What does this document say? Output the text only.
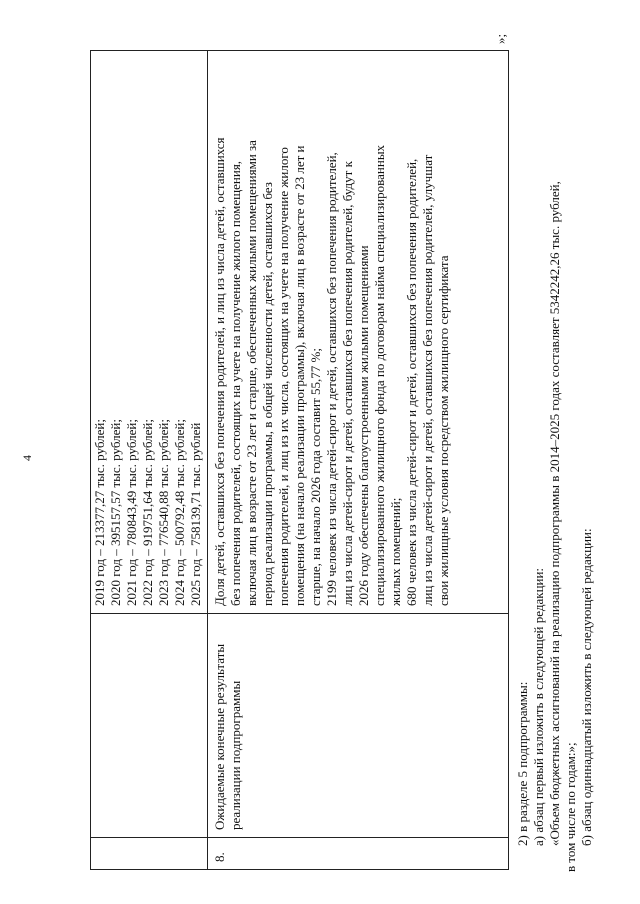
4	2019 год – 213377,27 тыс. рублей; 2020 год – 395157,57 тыс. рублей; 2021 год – 780843,49 тыс. рублей; 2022 год – 919751,64 тыс. рублей; 2023 год – 776540,88 тыс. рублей; 2024 год – 500792,48 тыс. рублей; 2025 год – 758139,71 тыс. рублей
8.
Ожидаемые конечные результаты реализации подпрограммы
Доля детей, оставшихся без попечения родителей, и лиц из числа детей, оставшихся без попечения родителей, состоящих на учете на получение жилого помещения, включая лиц в возрасте от 23 лет и старше, обеспеченных жилыми помещениями за период реализации программы, в общей численности детей, оставшихся без попечения родителей, и лиц из их числа, состоящих на учете на получение жилого помещения (на начало реализации программы), включая лиц в возрасте от 23 лет и старше, на начало 2026 года составит 55,77 %; 2199 человек из числа детей-сирот и детей, оставшихся без попечения родителей, лиц из числа детей-сирот и детей, оставшихся без попечения родителей, будут к 2026 году обеспечены благоустроенными жилыми помещениями специализированного жилищного фонда по договорам найма специализированных жилых помещений; 680 человек из числа детей-сирот и детей, оставшихся без попечения родителей, лиц из числа детей-сирот и детей, оставшихся без попечения родителей, улучшат свои жилищные условия посредством жилищного сертификата
»;
2) в разделе 5 подпрограммы: а) абзац первый изложить в следующей редакции: «Объем бюджетных ассигнований на реализацию подпрограммы в 2014–2025 годах составляет 5342242,26 тыс. рублей, в том числе по годам:»; б) абзац одиннадцатый изложить в следующей редакции:
